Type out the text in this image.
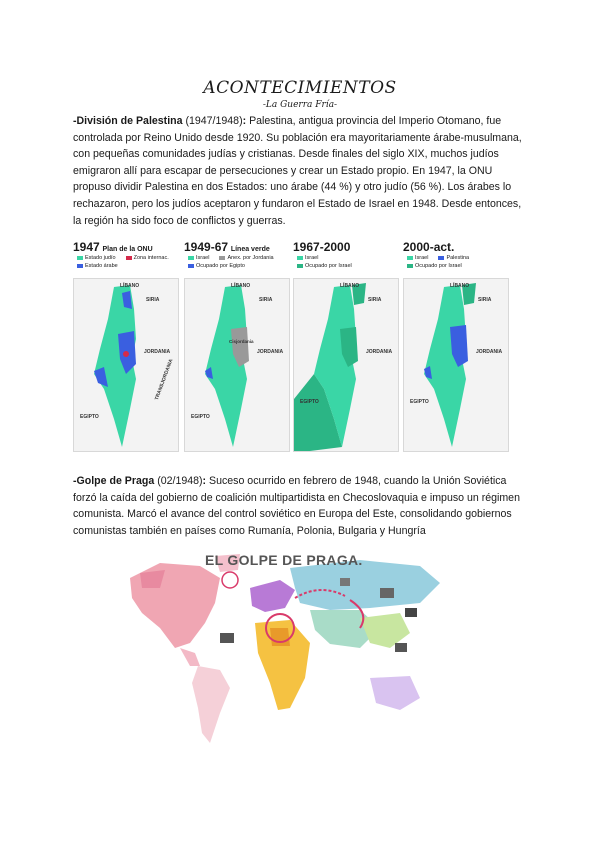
ACONTECIMIENTOS
-La Guerra Fría-

-División de Palestina (1947/1948): Palestina, antigua provincia del Imperio Otomano, fue controlada por Reino Unido desde 1920. Su población era mayoritariamente árabe-musulmana, con pequeñas comunidades judías y cristianas. Desde finales del siglo XIX, muchos judíos emigraron allí para escapar de persecuciones y crear un Estado propio. En 1947, la ONU propuso dividir Palestina en dos Estados: uno árabe (44 %) y otro judío (56 %). Los árabes lo rechazaron, pero los judíos aceptaron y fundaron el Estado de Israel en 1948. Desde entonces, la región ha sido foco de conflictos y guerras.

1947 Plan de la ONU
Estado judío	Zona internac.
Estado árabe
LÍBANO
SIRIA
JORDANIA
EGIPTO
TRANSJORDANIA
1949-67 Línea verde
Israel	Anex. por Jordania
Ocupado por Egipto
LÍBANO
SIRIA
Cisjordania
JORDANIA
EGIPTO
1967-2000
Israel
Ocupado por Israel
LÍBANO
SIRIA
JORDANIA
EGIPTO
2000-act.
Israel	Palestina
Ocupado por Israel
LÍBANO
SIRIA
JORDANIA
EGIPTO

-Golpe de Praga (02/1948): Suceso ocurrido en febrero de 1948, cuando la Unión Soviética forzó la caída del gobierno de coalición multipartidista en Checoslovaquia e impuso un régimen comunista. Marcó el avance del control soviético en Europa del Este, consolidando gobiernos comunistas también en países como Rumanía, Polonia, Bulgaria y Hungría

EL GOLPE DE PRAGA.
